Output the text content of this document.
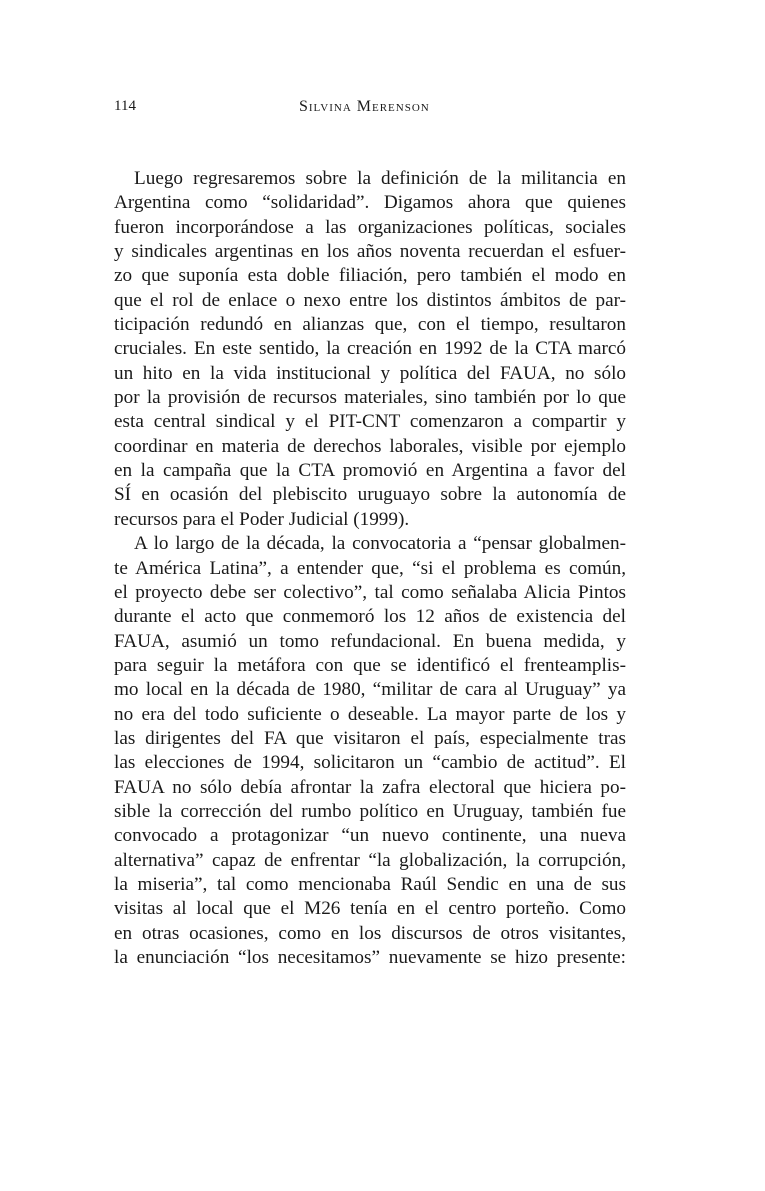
114	Silvina Merenson
Luego regresaremos sobre la definición de la militancia en
Argentina como “solidaridad”. Digamos ahora que quienes
fueron incorporándose a las organizaciones políticas, sociales
y sindicales argentinas en los años noventa recuerdan el esfuer-
zo que suponía esta doble filiación, pero también el modo en
que el rol de enlace o nexo entre los distintos ámbitos de par-
ticipación redundó en alianzas que, con el tiempo, resultaron
cruciales. En este sentido, la creación en 1992 de la CTA marcó
un hito en la vida institucional y política del FAUA, no sólo
por la provisión de recursos materiales, sino también por lo que
esta central sindical y el PIT-CNT comenzaron a compartir y
coordinar en materia de derechos laborales, visible por ejemplo
en la campaña que la CTA promovió en Argentina a favor del
SÍ en ocasión del plebiscito uruguayo sobre la autonomía de
recursos para el Poder Judicial (1999).
A lo largo de la década, la convocatoria a “pensar globalmen-
te América Latina”, a entender que, “si el problema es común,
el proyecto debe ser colectivo”, tal como señalaba Alicia Pintos
durante el acto que conmemoró los 12 años de existencia del
FAUA, asumió un tomo refundacional. En buena medida, y
para seguir la metáfora con que se identificó el frenteamplis-
mo local en la década de 1980, “militar de cara al Uruguay” ya
no era del todo suficiente o deseable. La mayor parte de los y
las dirigentes del FA que visitaron el país, especialmente tras
las elecciones de 1994, solicitaron un “cambio de actitud”. El
FAUA no sólo debía afrontar la zafra electoral que hiciera po-
sible la corrección del rumbo político en Uruguay, también fue
convocado a protagonizar “un nuevo continente, una nueva
alternativa” capaz de enfrentar “la globalización, la corrupción,
la miseria”, tal como mencionaba Raúl Sendic en una de sus
visitas al local que el M26 tenía en el centro porteño. Como
en otras ocasiones, como en los discursos de otros visitantes,
la enunciación “los necesitamos” nuevamente se hizo presente:
